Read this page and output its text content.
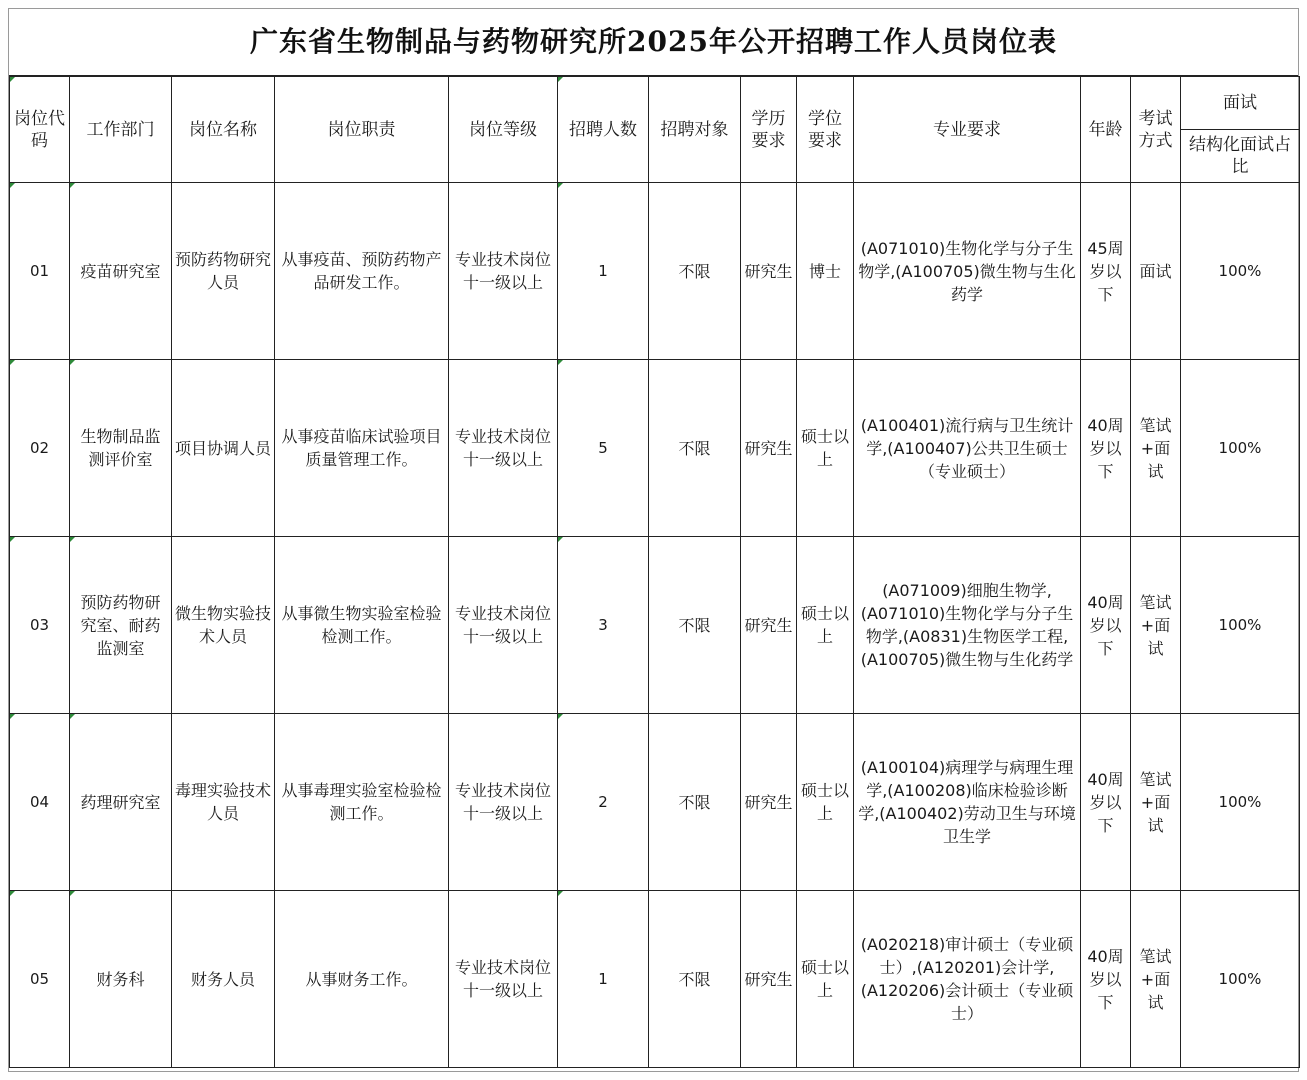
广东省生物制品与药物研究所2025年公开招聘工作人员岗位表
岗位代码	工作部门	岗位名称	岗位职责	岗位等级	招聘人数	招聘对象	学历要求	学位要求	专业要求	年龄	考试方式	面试
												结构化面试占比
01	疫苗研究室	预防药物研究人员	从事疫苗、预防药物产品研发工作。	专业技术岗位十一级以上	1	不限	研究生	博士	(A071010)生物化学与分子生物学,(A100705)微生物与生化药学	45周岁以下	面试	100%
02	生物制品监测评价室	项目协调人员	从事疫苗临床试验项目质量管理工作。	专业技术岗位十一级以上	5	不限	研究生	硕士以上	(A100401)流行病与卫生统计学,(A100407)公共卫生硕士（专业硕士）	40周岁以下	笔试+面试	100%
03	预防药物研究室、耐药监测室	微生物实验技术人员	从事微生物实验室检验检测工作。	专业技术岗位十一级以上	3	不限	研究生	硕士以上	(A071009)细胞生物学,(A071010)生物化学与分子生物学,(A0831)生物医学工程,(A100705)微生物与生化药学	40周岁以下	笔试+面试	100%
04	药理研究室	毒理实验技术人员	从事毒理实验室检验检测工作。	专业技术岗位十一级以上	2	不限	研究生	硕士以上	(A100104)病理学与病理生理学,(A100208)临床检验诊断学,(A100402)劳动卫生与环境卫生学	40周岁以下	笔试+面试	100%
05	财务科	财务人员	从事财务工作。	专业技术岗位十一级以上	1	不限	研究生	硕士以上	(A020218)审计硕士（专业硕士）,(A120201)会计学,(A120206)会计硕士（专业硕士）	40周岁以下	笔试+面试	100%
